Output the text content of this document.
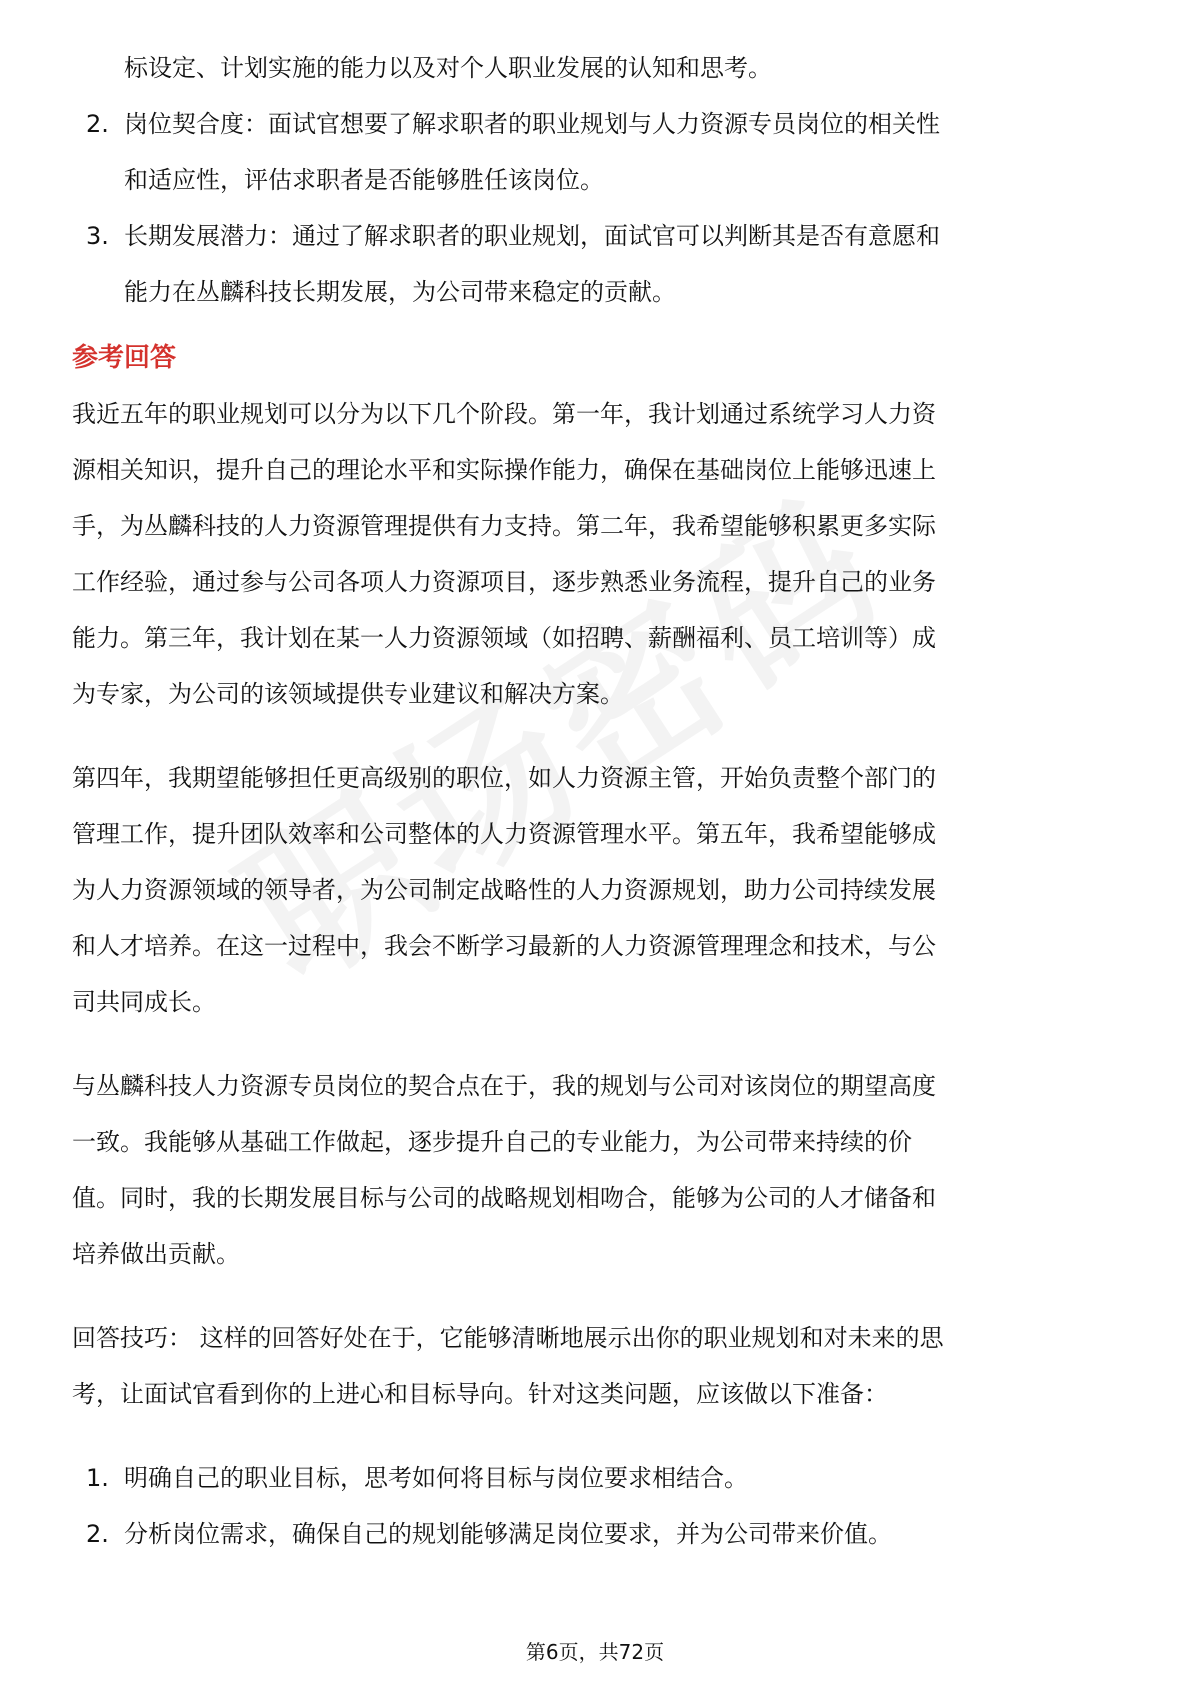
标设定、计划实施的能力以及对个人职业发展的认知和思考。
2. 岗位契合度：面试官想要了解求职者的职业规划与人力资源专员岗位的相关性
和适应性，评估求职者是否能够胜任该岗位。
3. 长期发展潜力：通过了解求职者的职业规划，面试官可以判断其是否有意愿和
能力在丛麟科技长期发展，为公司带来稳定的贡献。
参考回答
我近五年的职业规划可以分为以下几个阶段。第一年，我计划通过系统学习人力资
源相关知识，提升自己的理论水平和实际操作能力，确保在基础岗位上能够迅速上
手，为丛麟科技的人力资源管理提供有力支持。第二年，我希望能够积累更多实际
工作经验，通过参与公司各项人力资源项目，逐步熟悉业务流程，提升自己的业务
能力。第三年，我计划在某一人力资源领域（如招聘、薪酬福利、员工培训等）成
为专家，为公司的该领域提供专业建议和解决方案。
第四年，我期望能够担任更高级别的职位，如人力资源主管，开始负责整个部门的
管理工作，提升团队效率和公司整体的人力资源管理水平。第五年，我希望能够成
为人力资源领域的领导者，为公司制定战略性的人力资源规划，助力公司持续发展
和人才培养。在这一过程中，我会不断学习最新的人力资源管理理念和技术，与公
司共同成长。
与丛麟科技人力资源专员岗位的契合点在于，我的规划与公司对该岗位的期望高度
一致。我能够从基础工作做起，逐步提升自己的专业能力，为公司带来持续的价
值。同时，我的长期发展目标与公司的战略规划相吻合，能够为公司的人才储备和
培养做出贡献。
回答技巧： 这样的回答好处在于，它能够清晰地展示出你的职业规划和对未来的思
考，让面试官看到你的上进心和目标导向。针对这类问题，应该做以下准备：
1. 明确自己的职业目标，思考如何将目标与岗位要求相结合。
2. 分析岗位需求，确保自己的规划能够满足岗位要求，并为公司带来价值。
第6页，共72页
